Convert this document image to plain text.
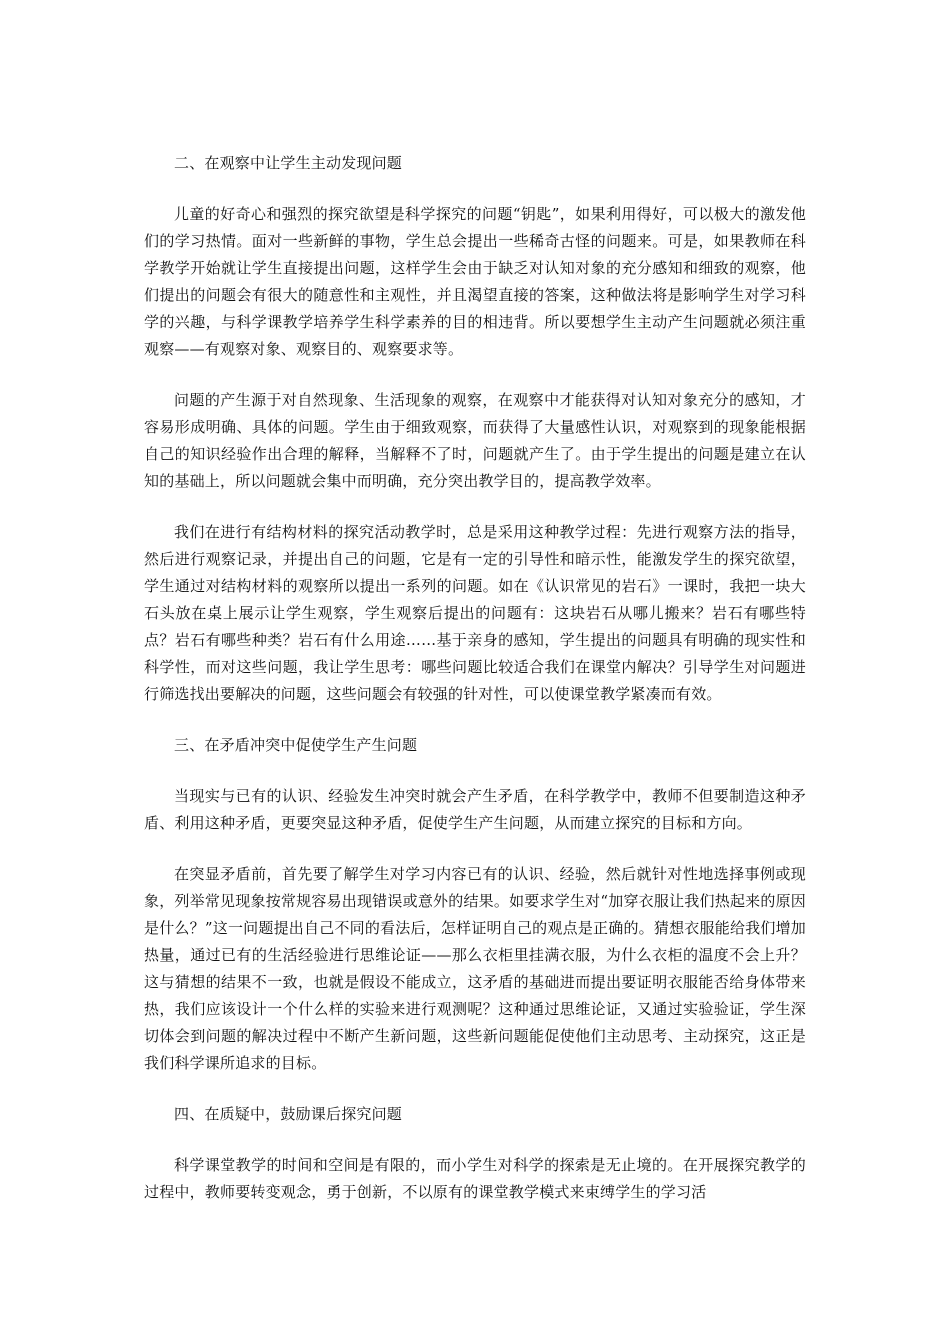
二、在观察中让学生主动发现问题
儿童的好奇心和强烈的探究欲望是科学探究的问题“钥匙”，如果利用得好，可以极大的激发他们的学习热情。面对一些新鲜的事物，学生总会提出一些稀奇古怪的问题来。可是，如果教师在科学教学开始就让学生直接提出问题，这样学生会由于缺乏对认知对象的充分感知和细致的观察，他们提出的问题会有很大的随意性和主观性，并且渴望直接的答案，这种做法将是影响学生对学习科学的兴趣，与科学课教学培养学生科学素养的目的相违背。所以要想学生主动产生问题就必须注重观察——有观察对象、观察目的、观察要求等。
问题的产生源于对自然现象、生活现象的观察，在观察中才能获得对认知对象充分的感知，才容易形成明确、具体的问题。学生由于细致观察，而获得了大量感性认识，对观察到的现象能根据自己的知识经验作出合理的解释，当解释不了时，问题就产生了。由于学生提出的问题是建立在认知的基础上，所以问题就会集中而明确，充分突出教学目的，提高教学效率。
我们在进行有结构材料的探究活动教学时，总是采用这种教学过程：先进行观察方法的指导，然后进行观察记录，并提出自己的问题，它是有一定的引导性和暗示性，能激发学生的探究欲望，学生通过对结构材料的观察所以提出一系列的问题。如在《认识常见的岩石》一课时，我把一块大石头放在桌上展示让学生观察，学生观察后提出的问题有：这块岩石从哪儿搬来？岩石有哪些特点？岩石有哪些种类？岩石有什么用途……基于亲身的感知，学生提出的问题具有明确的现实性和科学性，而对这些问题，我让学生思考：哪些问题比较适合我们在课堂内解决？引导学生对问题进行筛选找出要解决的问题，这些问题会有较强的针对性，可以使课堂教学紧凑而有效。
三、在矛盾冲突中促使学生产生问题
当现实与已有的认识、经验发生冲突时就会产生矛盾，在科学教学中，教师不但要制造这种矛盾、利用这种矛盾，更要突显这种矛盾，促使学生产生问题，从而建立探究的目标和方向。
在突显矛盾前，首先要了解学生对学习内容已有的认识、经验，然后就针对性地选择事例或现象，列举常见现象按常规容易出现错误或意外的结果。如要求学生对“加穿衣服让我们热起来的原因是什么？”这一问题提出自己不同的看法后，怎样证明自己的观点是正确的。猜想衣服能给我们增加热量，通过已有的生活经验进行思维论证——那么衣柜里挂满衣服，为什么衣柜的温度不会上升？这与猜想的结果不一致，也就是假设不能成立，这矛盾的基础进而提出要证明衣服能否给身体带来热，我们应该设计一个什么样的实验来进行观测呢？这种通过思维论证，又通过实验验证，学生深切体会到问题的解决过程中不断产生新问题，这些新问题能促使他们主动思考、主动探究，这正是我们科学课所追求的目标。
四、在质疑中，鼓励课后探究问题
科学课堂教学的时间和空间是有限的，而小学生对科学的探索是无止境的。在开展探究教学的过程中，教师要转变观念，勇于创新，不以原有的课堂教学模式来束缚学生的学习活
